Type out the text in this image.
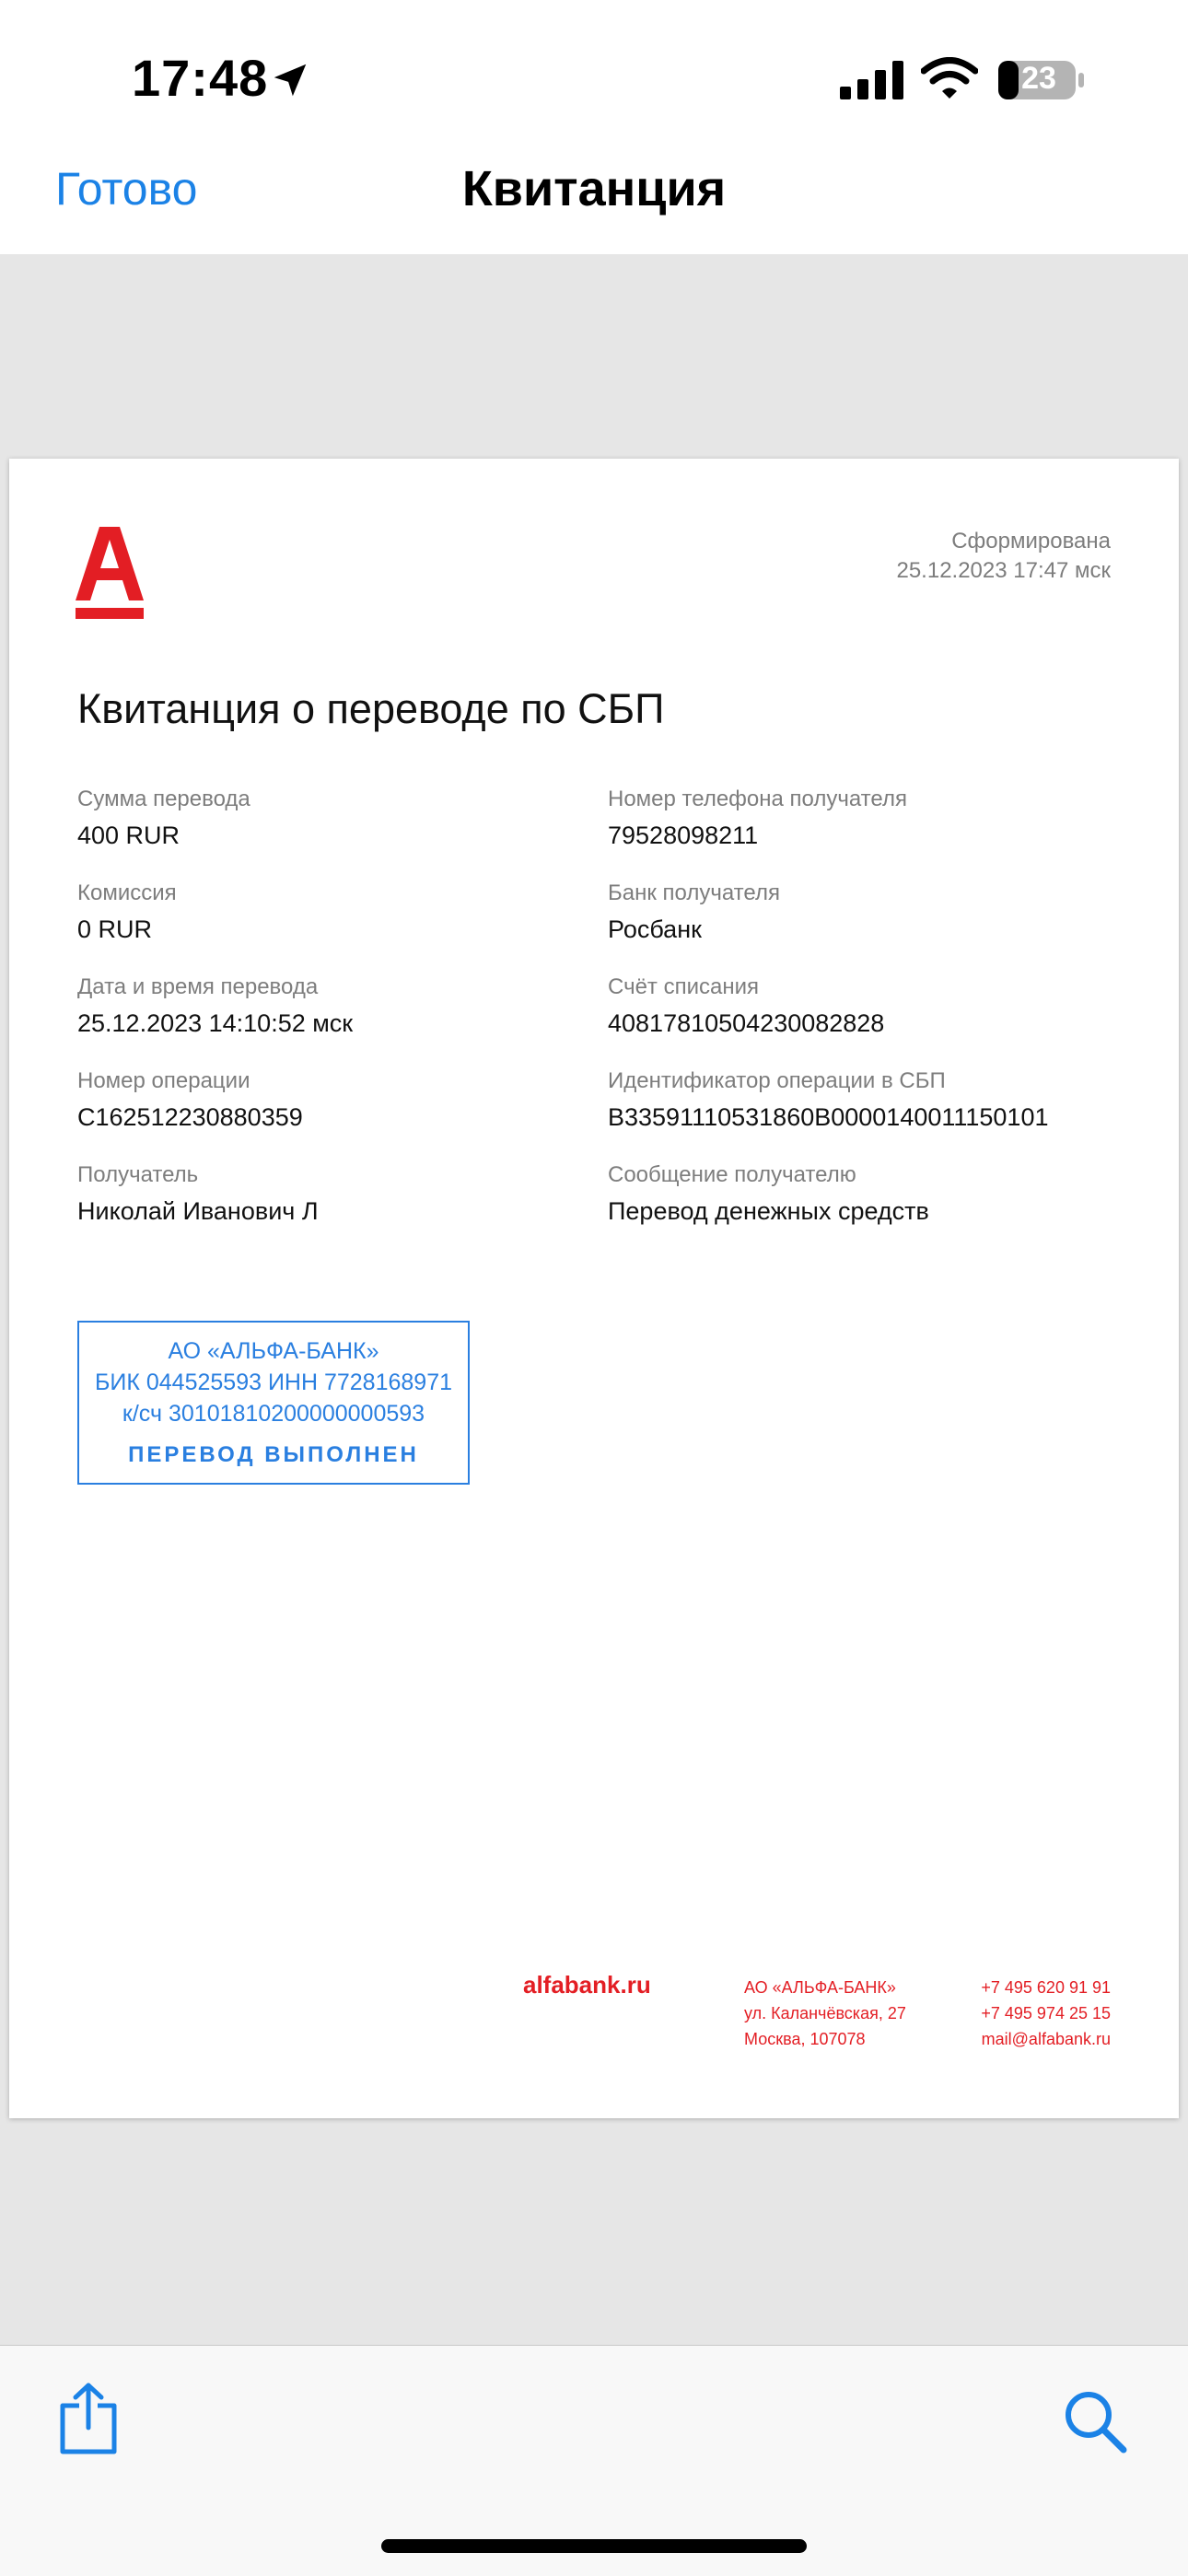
17:48	23
Готово	Квитанция
Сформирована
25.12.2023 17:47 мск
Квитанция о переводе по СБП
Сумма перевода
400 RUR
Комиссия
0 RUR
Дата и время перевода
25.12.2023 14:10:52 мск
Номер операции
C162512230880359
Получатель
Николай Иванович Л
Номер телефона получателя
79528098211
Банк получателя
Росбанк
Счёт списания
40817810504230082828
Идентификатор операции в СБП
B33591110531860B0000140011150101
Сообщение получателю
Перевод денежных средств
АО «АЛЬФА-БАНК»
БИК 044525593 ИНН 7728168971
к/сч 30101810200000000593
ПЕРЕВОД ВЫПОЛНЕН
alfabank.ru	АО «АЛЬФА-БАНК»
ул. Каланчёвская, 27
Москва, 107078
+7 495 620 91 91
+7 495 974 25 15
mail@alfabank.ru
